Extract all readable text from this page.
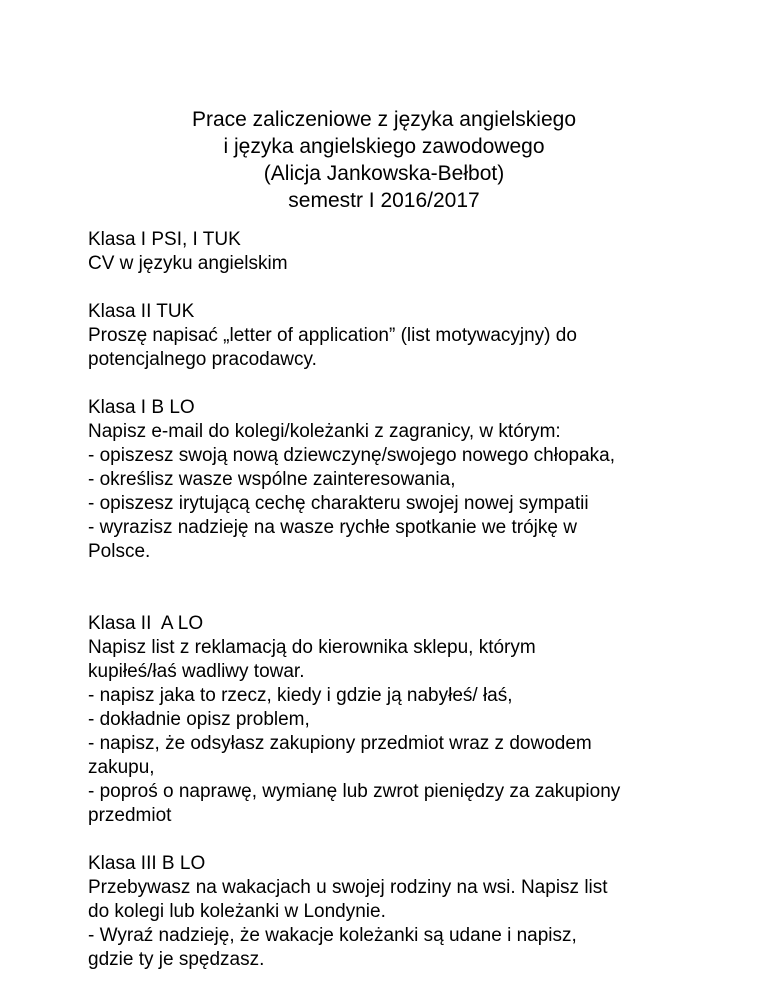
Prace zaliczeniowe z języka angielskiego
i języka angielskiego zawodowego
(Alicja Jankowska-Bełbot)
semestr I 2016/2017
Klasa I PSI, I TUK
CV w języku angielskim
Klasa II TUK
Proszę napisać „letter of application” (list motywacyjny) do
potencjalnego pracodawcy.
Klasa I B LO
Napisz e-mail do kolegi/koleżanki z zagranicy, w którym:
- opiszesz swoją nową dziewczynę/swojego nowego chłopaka,
- określisz wasze wspólne zainteresowania,
- opiszesz irytującą cechę charakteru swojej nowej sympatii
- wyrazisz nadzieję na wasze rychłe spotkanie we trójkę w
Polsce.
Klasa II  A LO
Napisz list z reklamacją do kierownika sklepu, którym
kupiłeś/łaś wadliwy towar.
- napisz jaka to rzecz, kiedy i gdzie ją nabyłeś/ łaś,
- dokładnie opisz problem,
- napisz, że odsyłasz zakupiony przedmiot wraz z dowodem
zakupu,
- poproś o naprawę, wymianę lub zwrot pieniędzy za zakupiony
przedmiot
Klasa III B LO
Przebywasz na wakacjach u swojej rodziny na wsi. Napisz list
do kolegi lub koleżanki w Londynie.
- Wyraź nadzieję, że wakacje koleżanki są udane i napisz,
gdzie ty je spędzasz.
